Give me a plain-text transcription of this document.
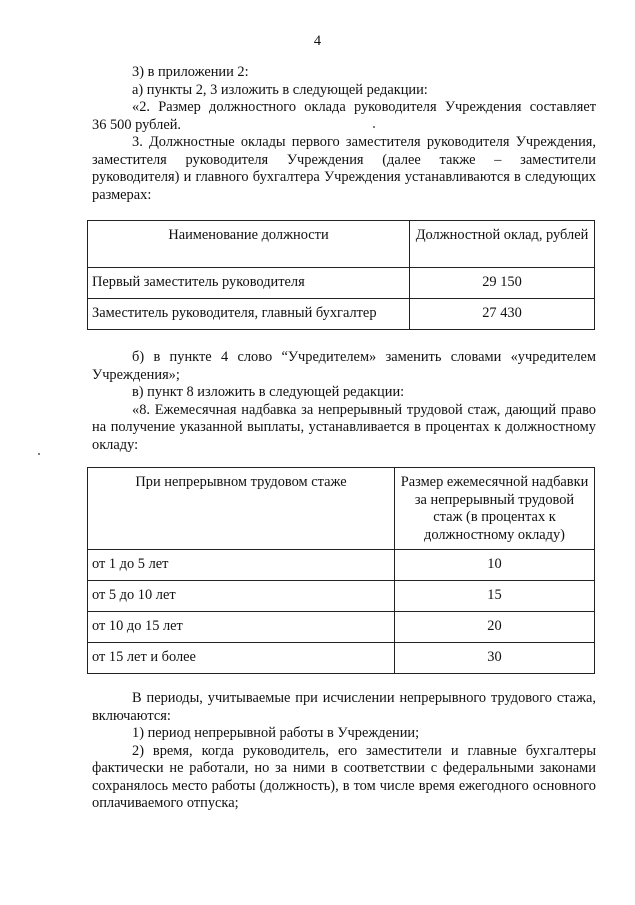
4

3) в приложении 2:

а) пункты 2, 3 изложить в следующей редакции:

«2. Размер должностного оклада руководителя Учреждения составляет

36 500 рублей.

3. Должностные оклады первого заместителя руководителя Учреждения, заместителя руководителя Учреждения (далее также – заместители руководителя) и главного бухгалтера Учреждения устанавливаются в следующих размерах:

Наименование должности	Должностной оклад, рублей
Первый заместитель руководителя	29 150
Заместитель руководителя, главный бухгалтер	27 430

б) в пункте 4 слово “Учредителем» заменить словами «учредителем Учреждения»;

в) пункт 8 изложить в следующей редакции:

«8. Ежемесячная надбавка за непрерывный трудовой стаж, дающий право на получение указанной выплаты, устанавливается в процентах к должностному окладу:

При непрерывном трудовом стаже	Размер ежемесячной надбавки за непрерывный трудовой стаж (в процентах к должностному окладу)
от 1 до 5 лет	10
от 5 до 10 лет	15
от 10 до 15 лет	20
от 15 лет и более	30

В периоды, учитываемые при исчислении непрерывного трудового стажа, включаются:

1) период непрерывной работы в Учреждении;

2) время, когда руководитель, его заместители и главные бухгалтеры фактически не работали, но за ними в соответствии с федеральными законами сохранялось место работы (должность), в том числе время ежегодного основного оплачиваемого отпуска;
